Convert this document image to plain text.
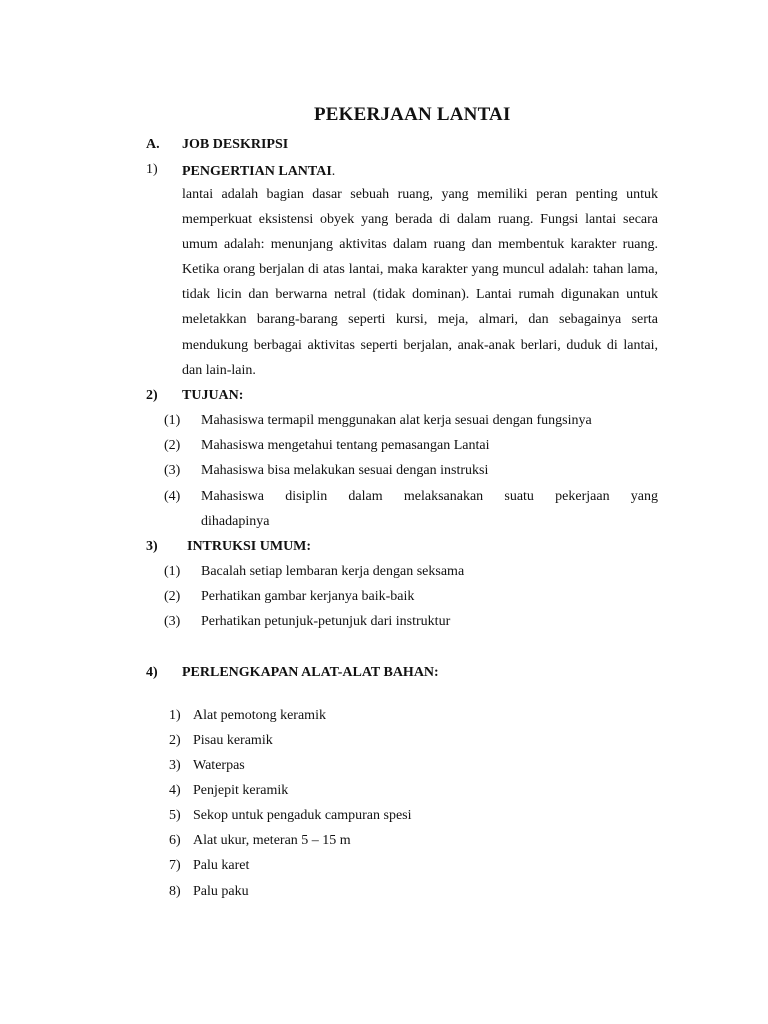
PEKERJAAN LANTAI
A. JOB DESKRIPSI
1) PENGERTIAN LANTAI.
lantai adalah bagian dasar sebuah ruang, yang memiliki peran penting untuk memperkuat eksistensi obyek yang berada di dalam ruang. Fungsi lantai secara umum adalah: menunjang aktivitas dalam ruang dan membentuk karakter ruang. Ketika orang berjalan di atas lantai, maka karakter yang muncul adalah: tahan lama, tidak licin dan berwarna netral (tidak dominan). Lantai rumah digunakan untuk meletakkan barang-barang seperti kursi, meja, almari, dan sebagainya serta mendukung berbagai aktivitas seperti berjalan, anak-anak berlari, duduk di lantai, dan lain-lain.
2) TUJUAN:
(1) Mahasiswa termapil menggunakan alat kerja sesuai dengan fungsinya
(2) Mahasiswa mengetahui tentang pemasangan Lantai
(3) Mahasiswa bisa melakukan sesuai dengan instruksi
(4) Mahasiswa disiplin dalam melaksanakan suatu pekerjaan yang
dihadapinya
3) INTRUKSI UMUM:
(1) Bacalah setiap lembaran kerja dengan seksama
(2) Perhatikan gambar kerjanya baik-baik
(3) Perhatikan petunjuk-petunjuk dari instruktur
4) PERLENGKAPAN ALAT-ALAT BAHAN:
1) Alat pemotong keramik
2) Pisau keramik
3) Waterpas
4) Penjepit keramik
5) Sekop untuk pengaduk campuran spesi
6) Alat ukur, meteran 5 – 15 m
7) Palu karet
8) Palu paku
